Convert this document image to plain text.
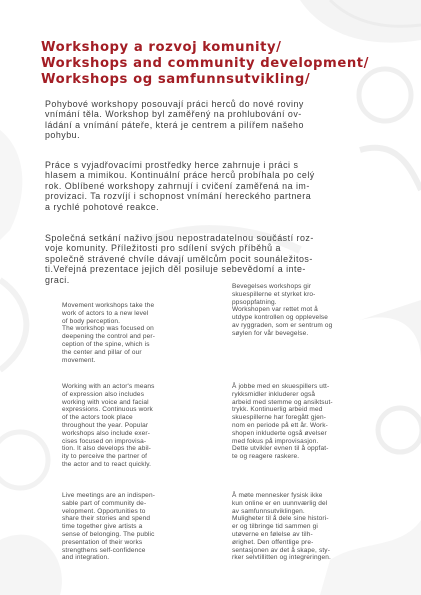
Workshopy a rozvoj komunity/
Workshops and community development/
Workshops og samfunnsutvikling/

Pohybové workshopy posouvají práci herců do nové roviny
vnímání těla. Workshop byl zaměřený na prohlubování ov-
ládání a vnímání páteře, která je centrem a pilířem našeho
pohybu.

Práce s vyjadřovacími prostředky herce zahrnuje i práci s
hlasem a mimikou. Kontinuální práce herců probíhala po celý
rok. Oblíbené workshopy zahrnují i cvičení zaměřená na im-
provizaci. Ta rozvíjí i schopnost vnímání hereckého partnera
a rychlé pohotové reakce.

Společná setkání naživo jsou nepostradatelnou součástí roz-
voje komunity. Příležitosti pro sdílení svých příběhů a
společně strávené chvíle dávají umělcům pocit sounáležitos-
ti.Veřejná prezentace jejich děl posiluje sebevědomí a inte-
graci.

Movement workshops take the
work of actors to a new level
of body perception.
The workshop was focused on
deepening the control and per-
ception of the spine, which is
the center and pillar of our
movement.

Working with an actor's means
of expression also includes
working with voice and facial
expressions. Continuous work
of the actors took place
throughout the year. Popular
workshops also include exer-
cises focused on improvisa-
tion. It also develops the abil-
ity to perceive the partner of
the actor and to react quickly.

Live meetings are an indispen-
sable part of community de-
velopment. Opportunities to
share their stories and spend
time together give artists a
sense of belonging. The public
presentation of their works
strengthens self-confidence
and integration.

Bevegelses workshops gir
skuespillerne et styrket kro-
ppsoppfatning.
Workshopen var rettet mot å
utdype kontrollen og opplevelse
av ryggraden, som er sentrum og
søylen for vår bevegelse.

Å jobbe med en skuespillers utt-
rykksmidler inkluderer også
arbeid med stemme og ansiktsut-
trykk. Kontinuerlig arbeid med
skuespillerne har foregått gjen-
nom en periode på ett år. Work-
shopen inkluderte også øvelser
med fokus på improvisasjon.
Dette utvikler evnen til å oppfat-
te og reagere raskere.

Å møte mennesker fysisk ikke
kun online er en uunnværlig del
av samfunnsutviklingen.
Muligheter til å dele sine histori-
er og tilbringe tid sammen gi
utøverne en følelse av tilh-
ørighet. Den offentlige pre-
sentasjonen av det å skape, sty-
rker selvtillitten og integreringen.
